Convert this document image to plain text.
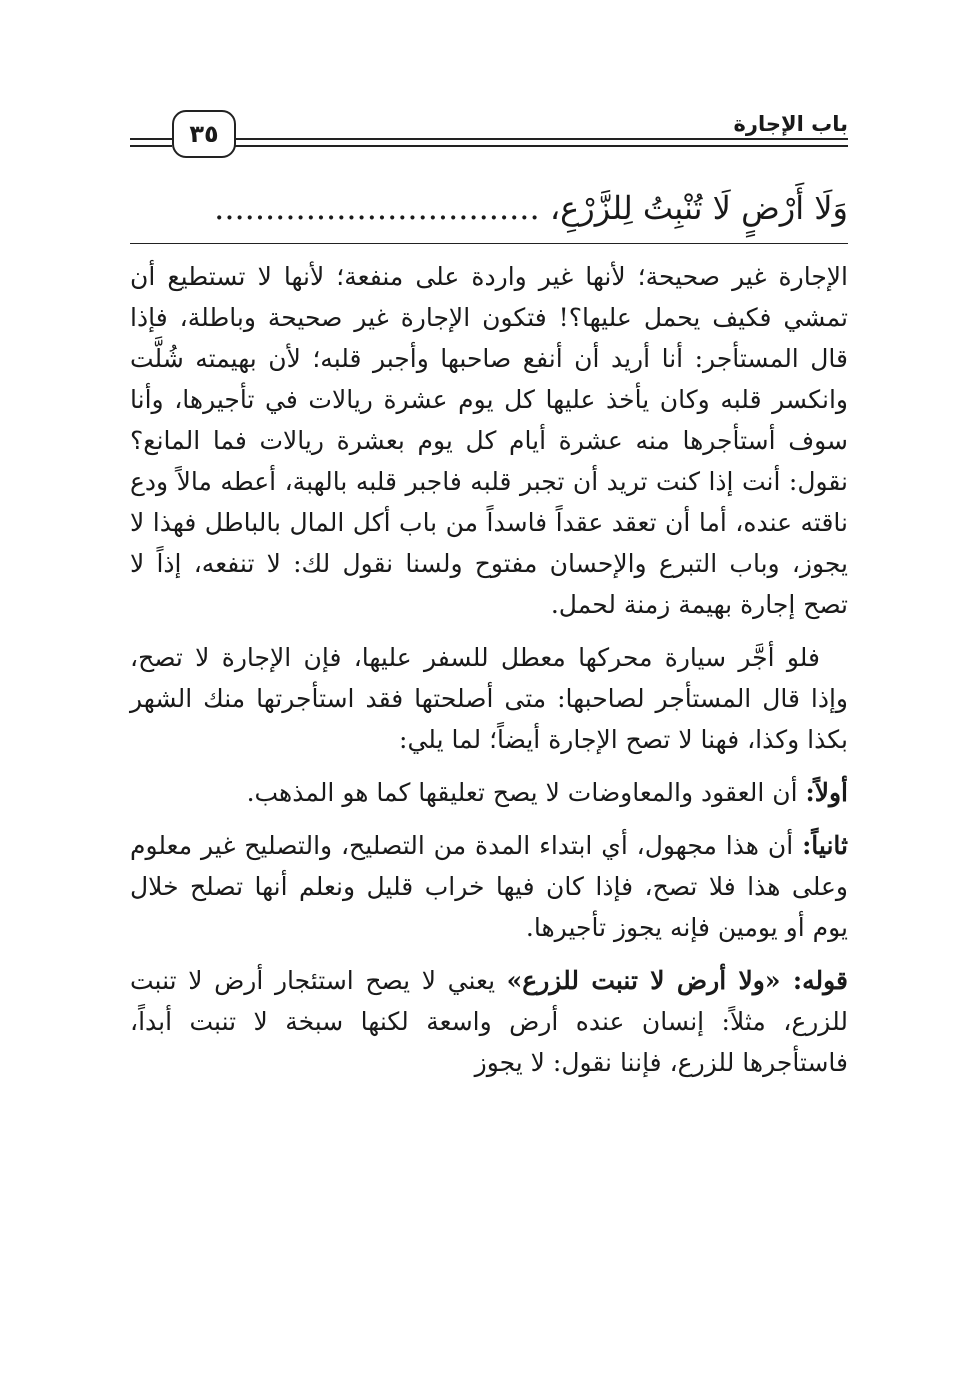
باب الإجارة
٣٥
وَلَا أَرْضٍ لَا تُنْبِتُ لِلزَّرْعِ، ................................

الإجارة غير صحيحة؛ لأنها غير واردة على منفعة؛ لأنها لا تستطيع أن تمشي فكيف يحمل عليها؟! فتكون الإجارة غير صحيحة وباطلة، فإذا قال المستأجر: أنا أريد أن أنفع صاحبها وأجبر قلبه؛ لأن بهيمته شُلَّت وانكسر قلبه وكان يأخذ عليها كل يوم عشرة ريالات في تأجيرها، وأنا سوف أستأجرها منه عشرة أيام كل يوم بعشرة ريالات فما المانع؟ نقول: أنت إذا كنت تريد أن تجبر قلبه فاجبر قلبه بالهبة، أعطه مالاً ودع ناقته عنده، أما أن تعقد عقداً فاسداً من باب أكل المال بالباطل فهذا لا يجوز، وباب التبرع والإحسان مفتوح ولسنا نقول لك: لا تنفعه، إذاً لا تصح إجارة بهيمة زمنة لحمل.

فلو أجَّر سيارة محركها معطل للسفر عليها، فإن الإجارة لا تصح، وإذا قال المستأجر لصاحبها: متى أصلحتها فقد استأجرتها منك الشهر بكذا وكذا، فهنا لا تصح الإجارة أيضاً؛ لما يلي:

أولاً: أن العقود والمعاوضات لا يصح تعليقها كما هو المذهب.

ثانياً: أن هذا مجهول، أي ابتداء المدة من التصليح، والتصليح غير معلوم وعلى هذا فلا تصح، فإذا كان فيها خراب قليل ونعلم أنها تصلح خلال يوم أو يومين فإنه يجوز تأجيرها.

قوله: «ولا أرض لا تنبت للزرع» يعني لا يصح استئجار أرض لا تنبت للزرع، مثلاً: إنسان عنده أرض واسعة لكنها سبخة لا تنبت أبداً، فاستأجرها للزرع، فإننا نقول: لا يجوز
